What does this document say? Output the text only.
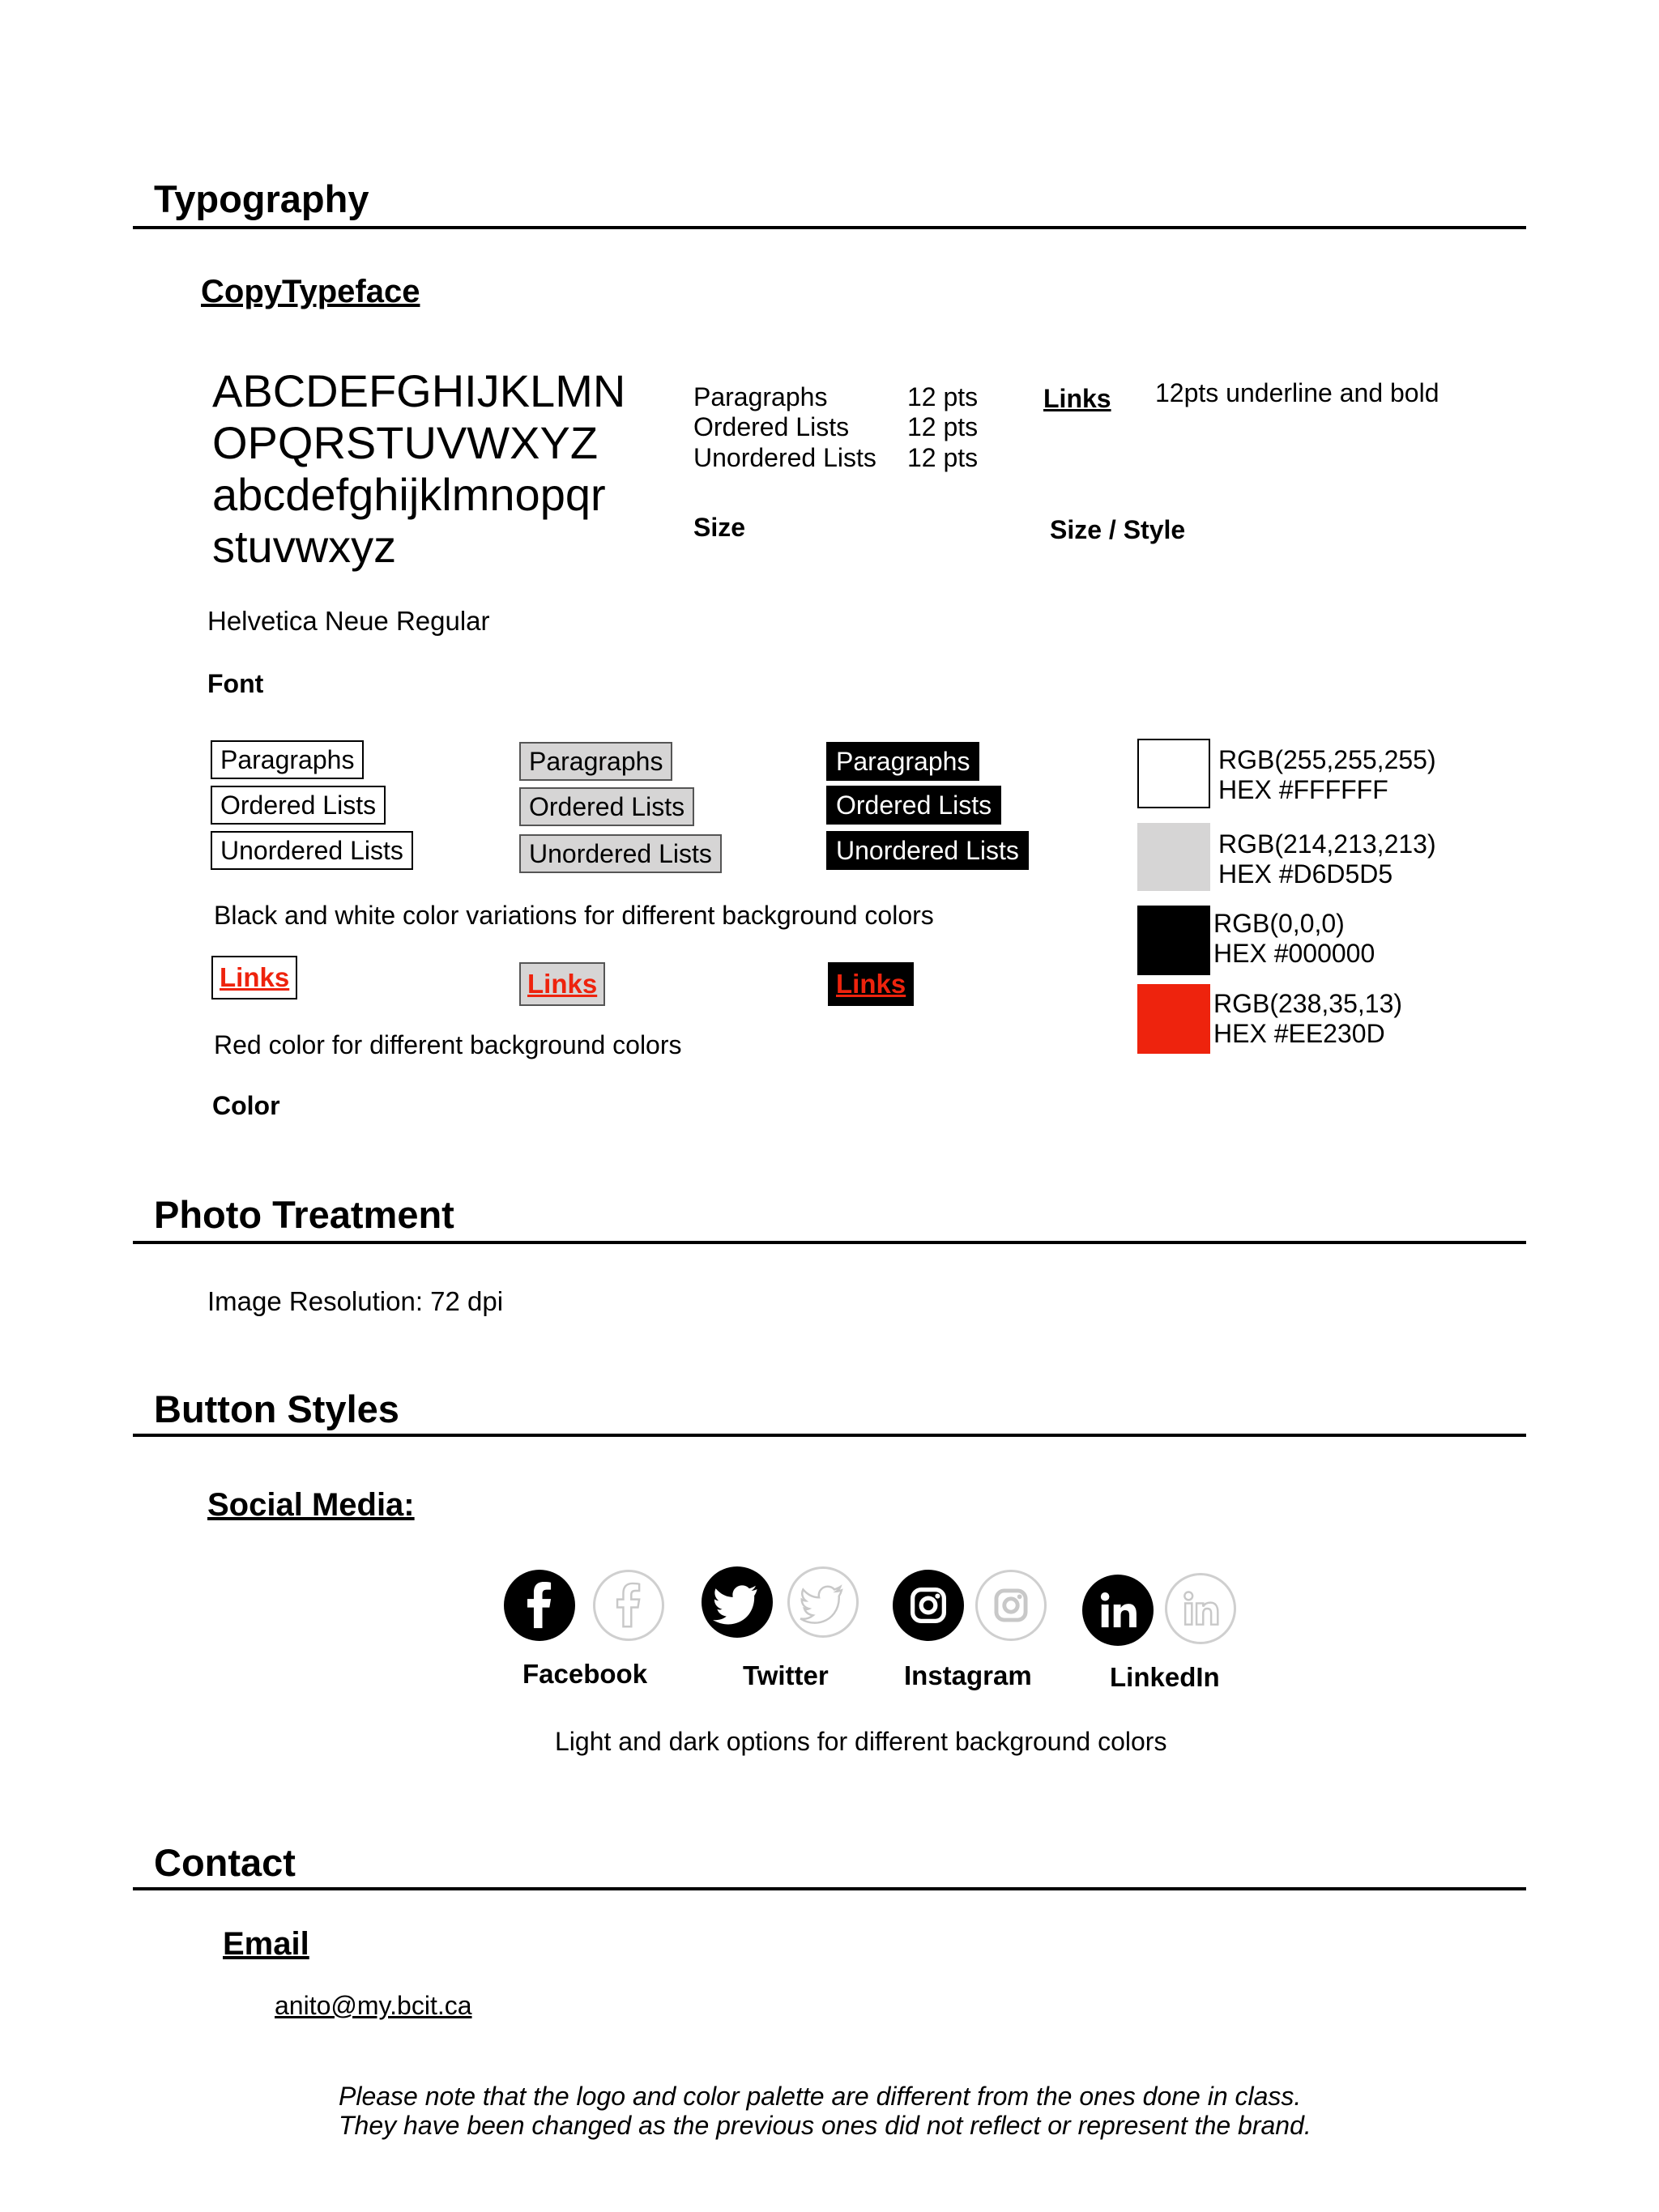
Typography
CopyTypeface
ABCDEFGHIJKLMN
OPQRSTUVWXYZ
abcdefghijklmnopqr
stuvwxyz
Paragraphs	12 pts
Ordered Lists 12 pts
Unordered Lists 12 pts
Size
Links 12pts underline and bold
Size / Style
Helvetica Neue Regular
Font
Paragraphs
Ordered Lists
Unordered Lists
Paragraphs
Ordered Lists
Unordered Lists
Paragraphs
Ordered Lists
Unordered Lists
Black and white color variations for different background colors
Links	Links	Links
Red color for different background colors
Color
RGB(255,255,255)
HEX #FFFFFF
RGB(214,213,213)
HEX #D6D5D5
RGB(0,0,0)
HEX #000000
RGB(238,35,13)
HEX #EE230D
Photo Treatment
Image Resolution: 72 dpi
Button Styles
Social Media:
Facebook	Twitter	Instagram	LinkedIn
Light and dark options for different background colors
Contact
Email
anito@my.bcit.ca
Please note that the logo and color palette are different from the ones done in class.
They have been changed as the previous ones did not reflect or represent the brand.
